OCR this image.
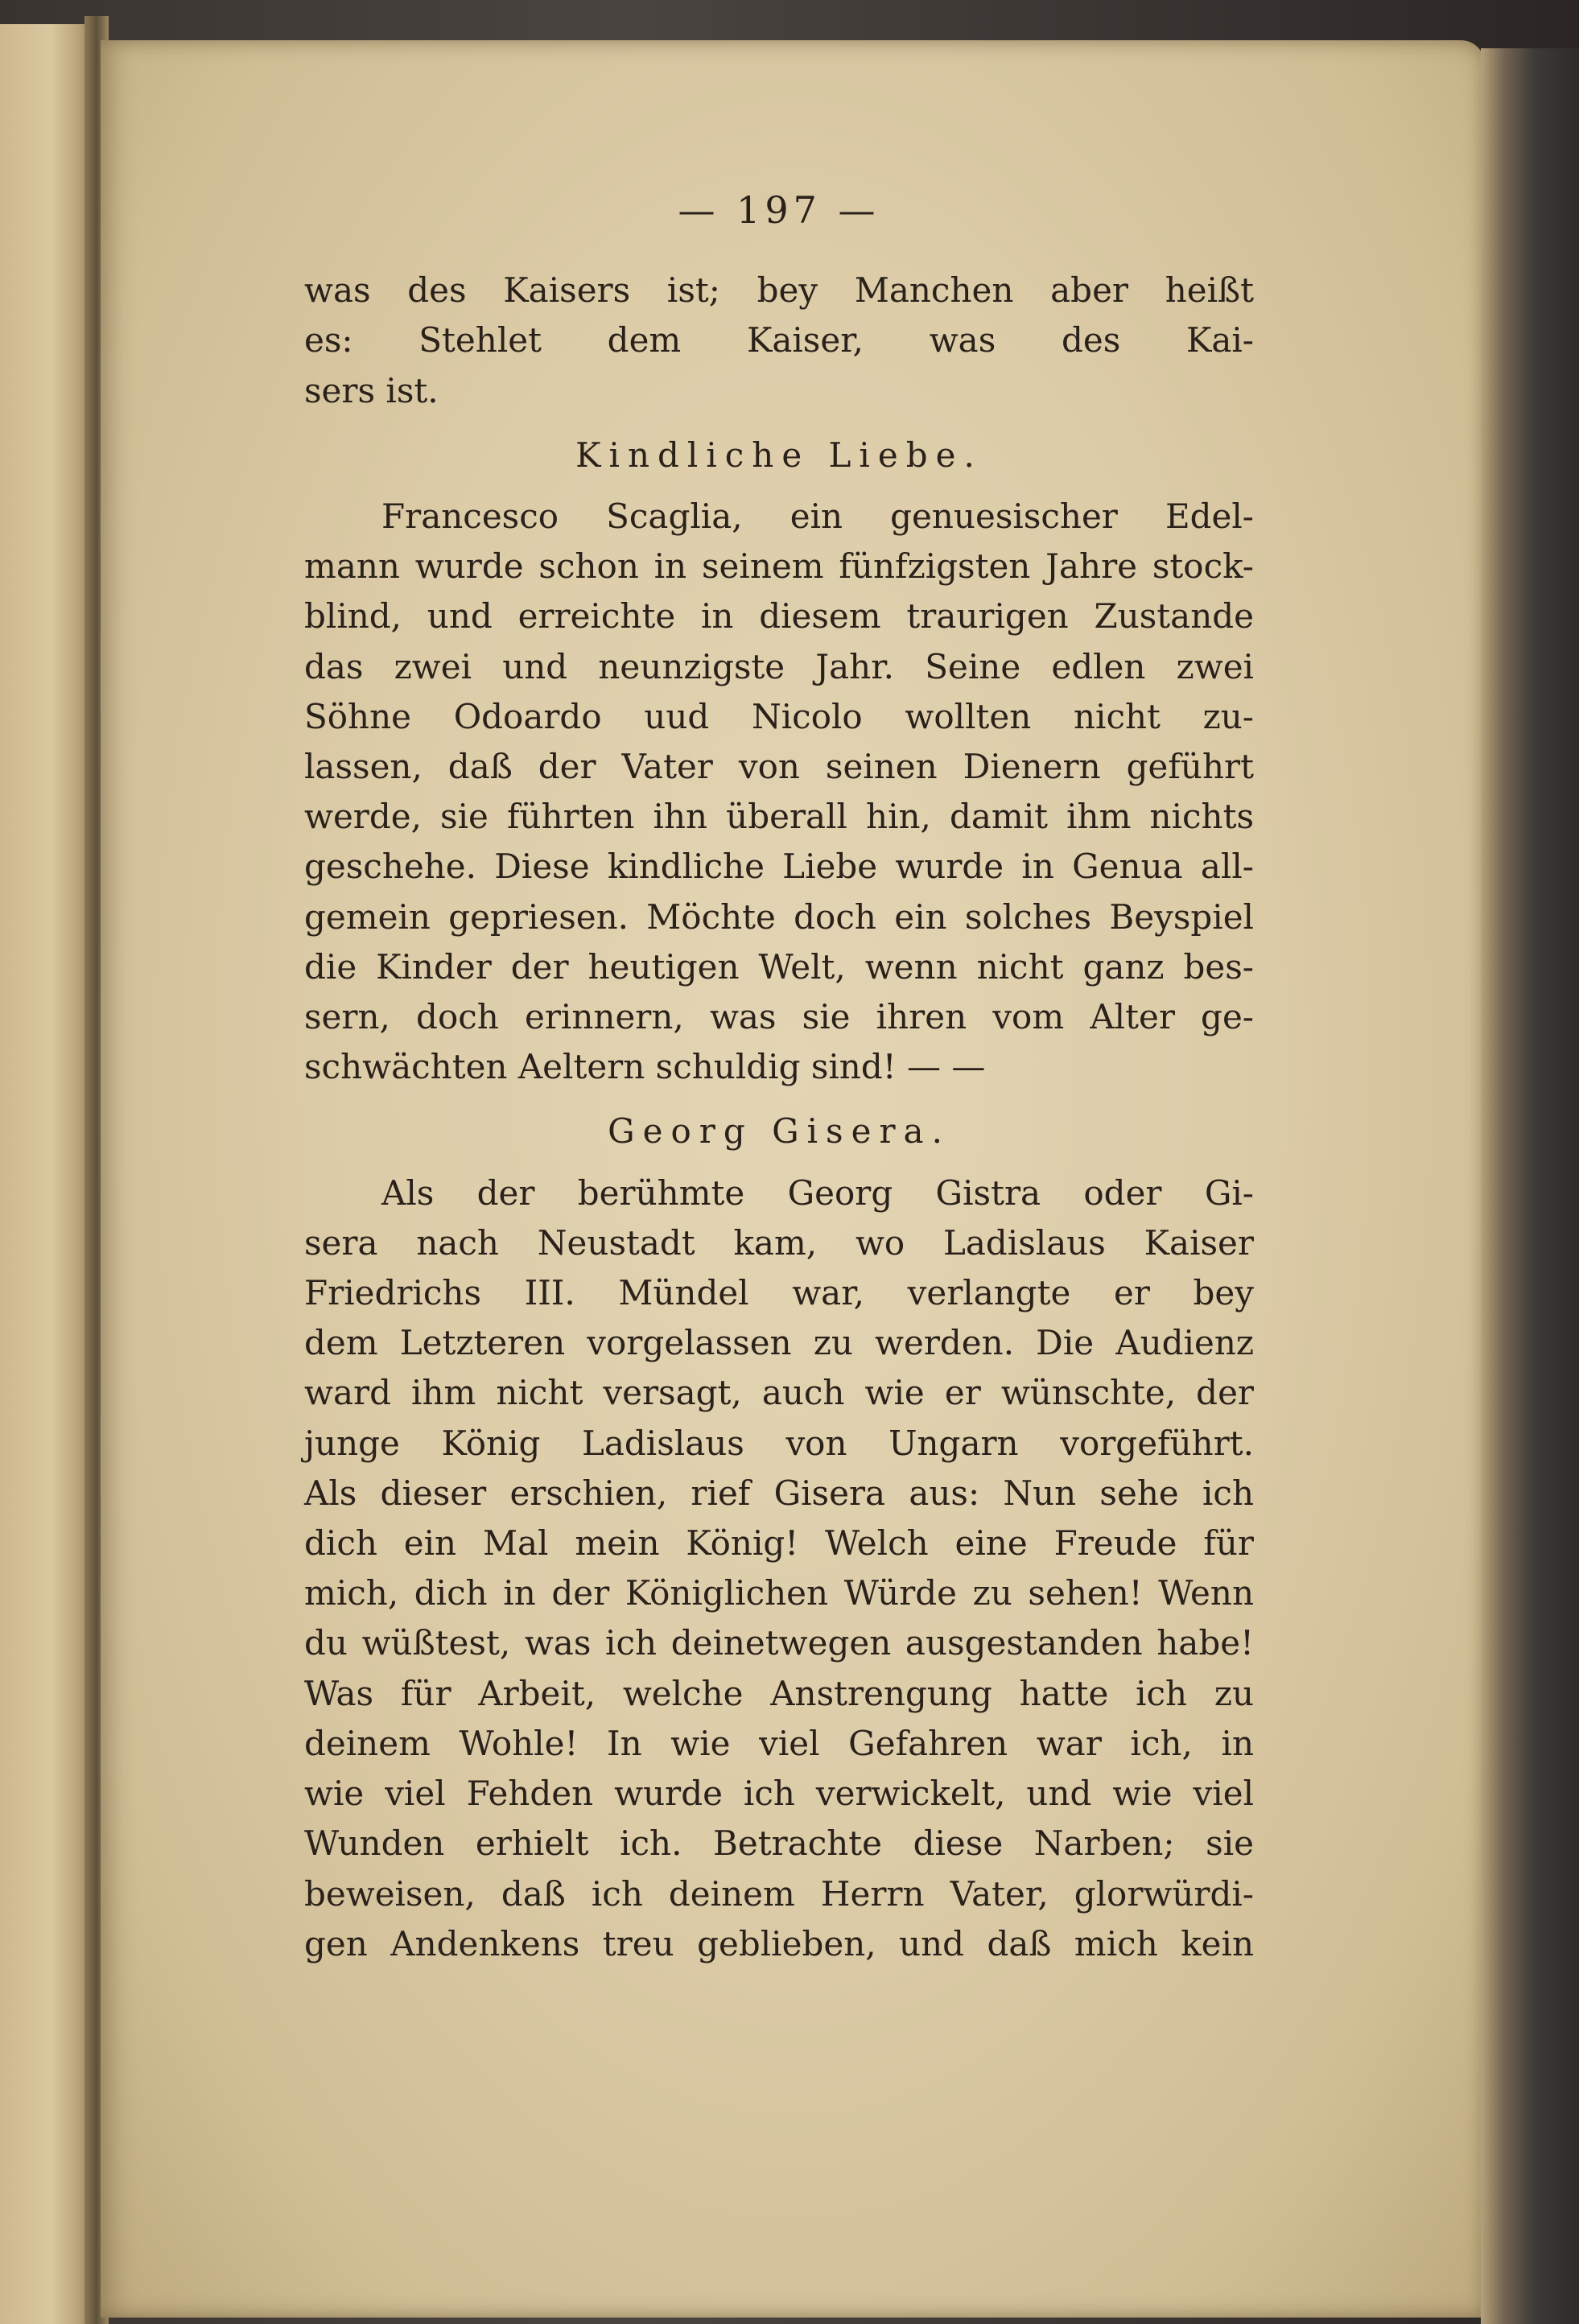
— 197 —
was des Kaisers ist; bey Manchen aber heißt
es: Stehlet dem Kaiser, was des Kai-
sers ist.
Kindliche Liebe.
Francesco Scaglia, ein genuesischer Edel-
mann wurde schon in seinem fünfzigsten Jahre stock-
blind, und erreichte in diesem traurigen Zustande
das zwei und neunzigste Jahr. Seine edlen zwei
Söhne Odoardo uud Nicolo wollten nicht zu-
lassen, daß der Vater von seinen Dienern geführt
werde, sie führten ihn überall hin, damit ihm nichts
geschehe. Diese kindliche Liebe wurde in Genua all-
gemein gepriesen. Möchte doch ein solches Beyspiel
die Kinder der heutigen Welt, wenn nicht ganz bes-
sern, doch erinnern, was sie ihren vom Alter ge-
schwächten Aeltern schuldig sind! — —
Georg Gisera.
Als der berühmte Georg Gistra oder Gi-
sera nach Neustadt kam, wo Ladislaus Kaiser
Friedrichs III. Mündel war, verlangte er bey
dem Letzteren vorgelassen zu werden. Die Audienz
ward ihm nicht versagt, auch wie er wünschte, der
junge König Ladislaus von Ungarn vorgeführt.
Als dieser erschien, rief Gisera aus: Nun sehe ich
dich ein Mal mein König! Welch eine Freude für
mich, dich in der Königlichen Würde zu sehen! Wenn
du wüßtest, was ich deinetwegen ausgestanden habe!
Was für Arbeit, welche Anstrengung hatte ich zu
deinem Wohle! In wie viel Gefahren war ich, in
wie viel Fehden wurde ich verwickelt, und wie viel
Wunden erhielt ich. Betrachte diese Narben; sie
beweisen, daß ich deinem Herrn Vater, glorwürdi-
gen Andenkens treu geblieben, und daß mich kein
